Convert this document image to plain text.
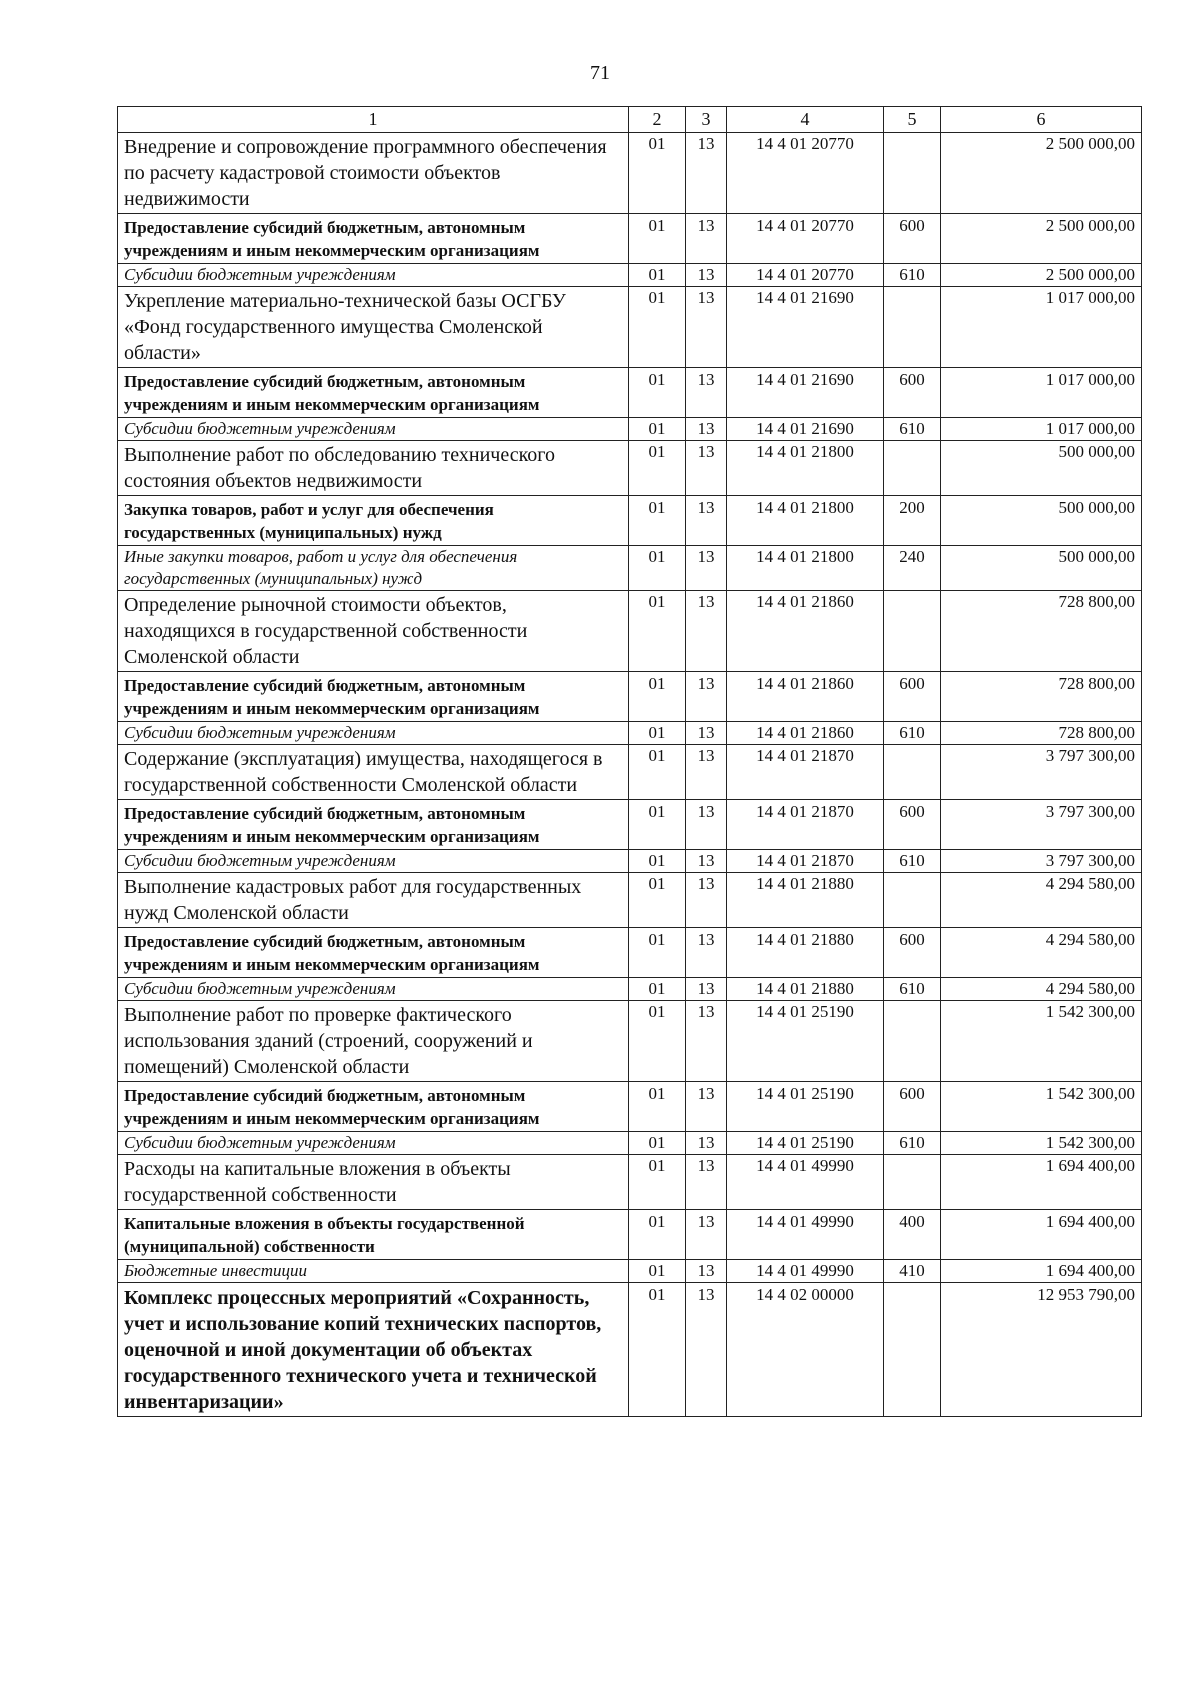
71
1	2	3	4	5	6
Внедрение и сопровождение программного обеспечения по расчету кадастровой стоимости объектов недвижимости	01	13	14 4 01 20770		2 500 000,00
Предоставление субсидий бюджетным, автономным учреждениям и иным некоммерческим организациям	01	13	14 4 01 20770	600	2 500 000,00
Субсидии бюджетным учреждениям	01	13	14 4 01 20770	610	2 500 000,00
Укрепление материально-технической базы ОСГБУ «Фонд государственного имущества Смоленской области»	01	13	14 4 01 21690		1 017 000,00
Предоставление субсидий бюджетным, автономным учреждениям и иным некоммерческим организациям	01	13	14 4 01 21690	600	1 017 000,00
Субсидии бюджетным учреждениям	01	13	14 4 01 21690	610	1 017 000,00
Выполнение работ по обследованию технического состояния объектов недвижимости	01	13	14 4 01 21800		500 000,00
Закупка товаров, работ и услуг для обеспечения государственных (муниципальных) нужд	01	13	14 4 01 21800	200	500 000,00
Иные закупки товаров, работ и услуг для обеспечения государственных (муниципальных) нужд	01	13	14 4 01 21800	240	500 000,00
Определение рыночной стоимости объектов, находящихся в государственной собственности Смоленской области	01	13	14 4 01 21860		728 800,00
Предоставление субсидий бюджетным, автономным учреждениям и иным некоммерческим организациям	01	13	14 4 01 21860	600	728 800,00
Субсидии бюджетным учреждениям	01	13	14 4 01 21860	610	728 800,00
Содержание (эксплуатация) имущества, находящегося в государственной собственности Смоленской области	01	13	14 4 01 21870		3 797 300,00
Предоставление субсидий бюджетным, автономным учреждениям и иным некоммерческим организациям	01	13	14 4 01 21870	600	3 797 300,00
Субсидии бюджетным учреждениям	01	13	14 4 01 21870	610	3 797 300,00
Выполнение кадастровых работ для государственных нужд Смоленской области	01	13	14 4 01 21880		4 294 580,00
Предоставление субсидий бюджетным, автономным учреждениям и иным некоммерческим организациям	01	13	14 4 01 21880	600	4 294 580,00
Субсидии бюджетным учреждениям	01	13	14 4 01 21880	610	4 294 580,00
Выполнение работ по проверке фактического использования зданий (строений, сооружений и помещений) Смоленской области	01	13	14 4 01 25190		1 542 300,00
Предоставление субсидий бюджетным, автономным учреждениям и иным некоммерческим организациям	01	13	14 4 01 25190	600	1 542 300,00
Субсидии бюджетным учреждениям	01	13	14 4 01 25190	610	1 542 300,00
Расходы на капитальные вложения в объекты государственной собственности	01	13	14 4 01 49990		1 694 400,00
Капитальные вложения в объекты государственной (муниципальной) собственности	01	13	14 4 01 49990	400	1 694 400,00
Бюджетные инвестиции	01	13	14 4 01 49990	410	1 694 400,00
Комплекс процессных мероприятий «Сохранность, учет и использование копий технических паспортов, оценочной и иной документации об объектах государственного технического учета и технической инвентаризации»	01	13	14 4 02 00000		12 953 790,00
